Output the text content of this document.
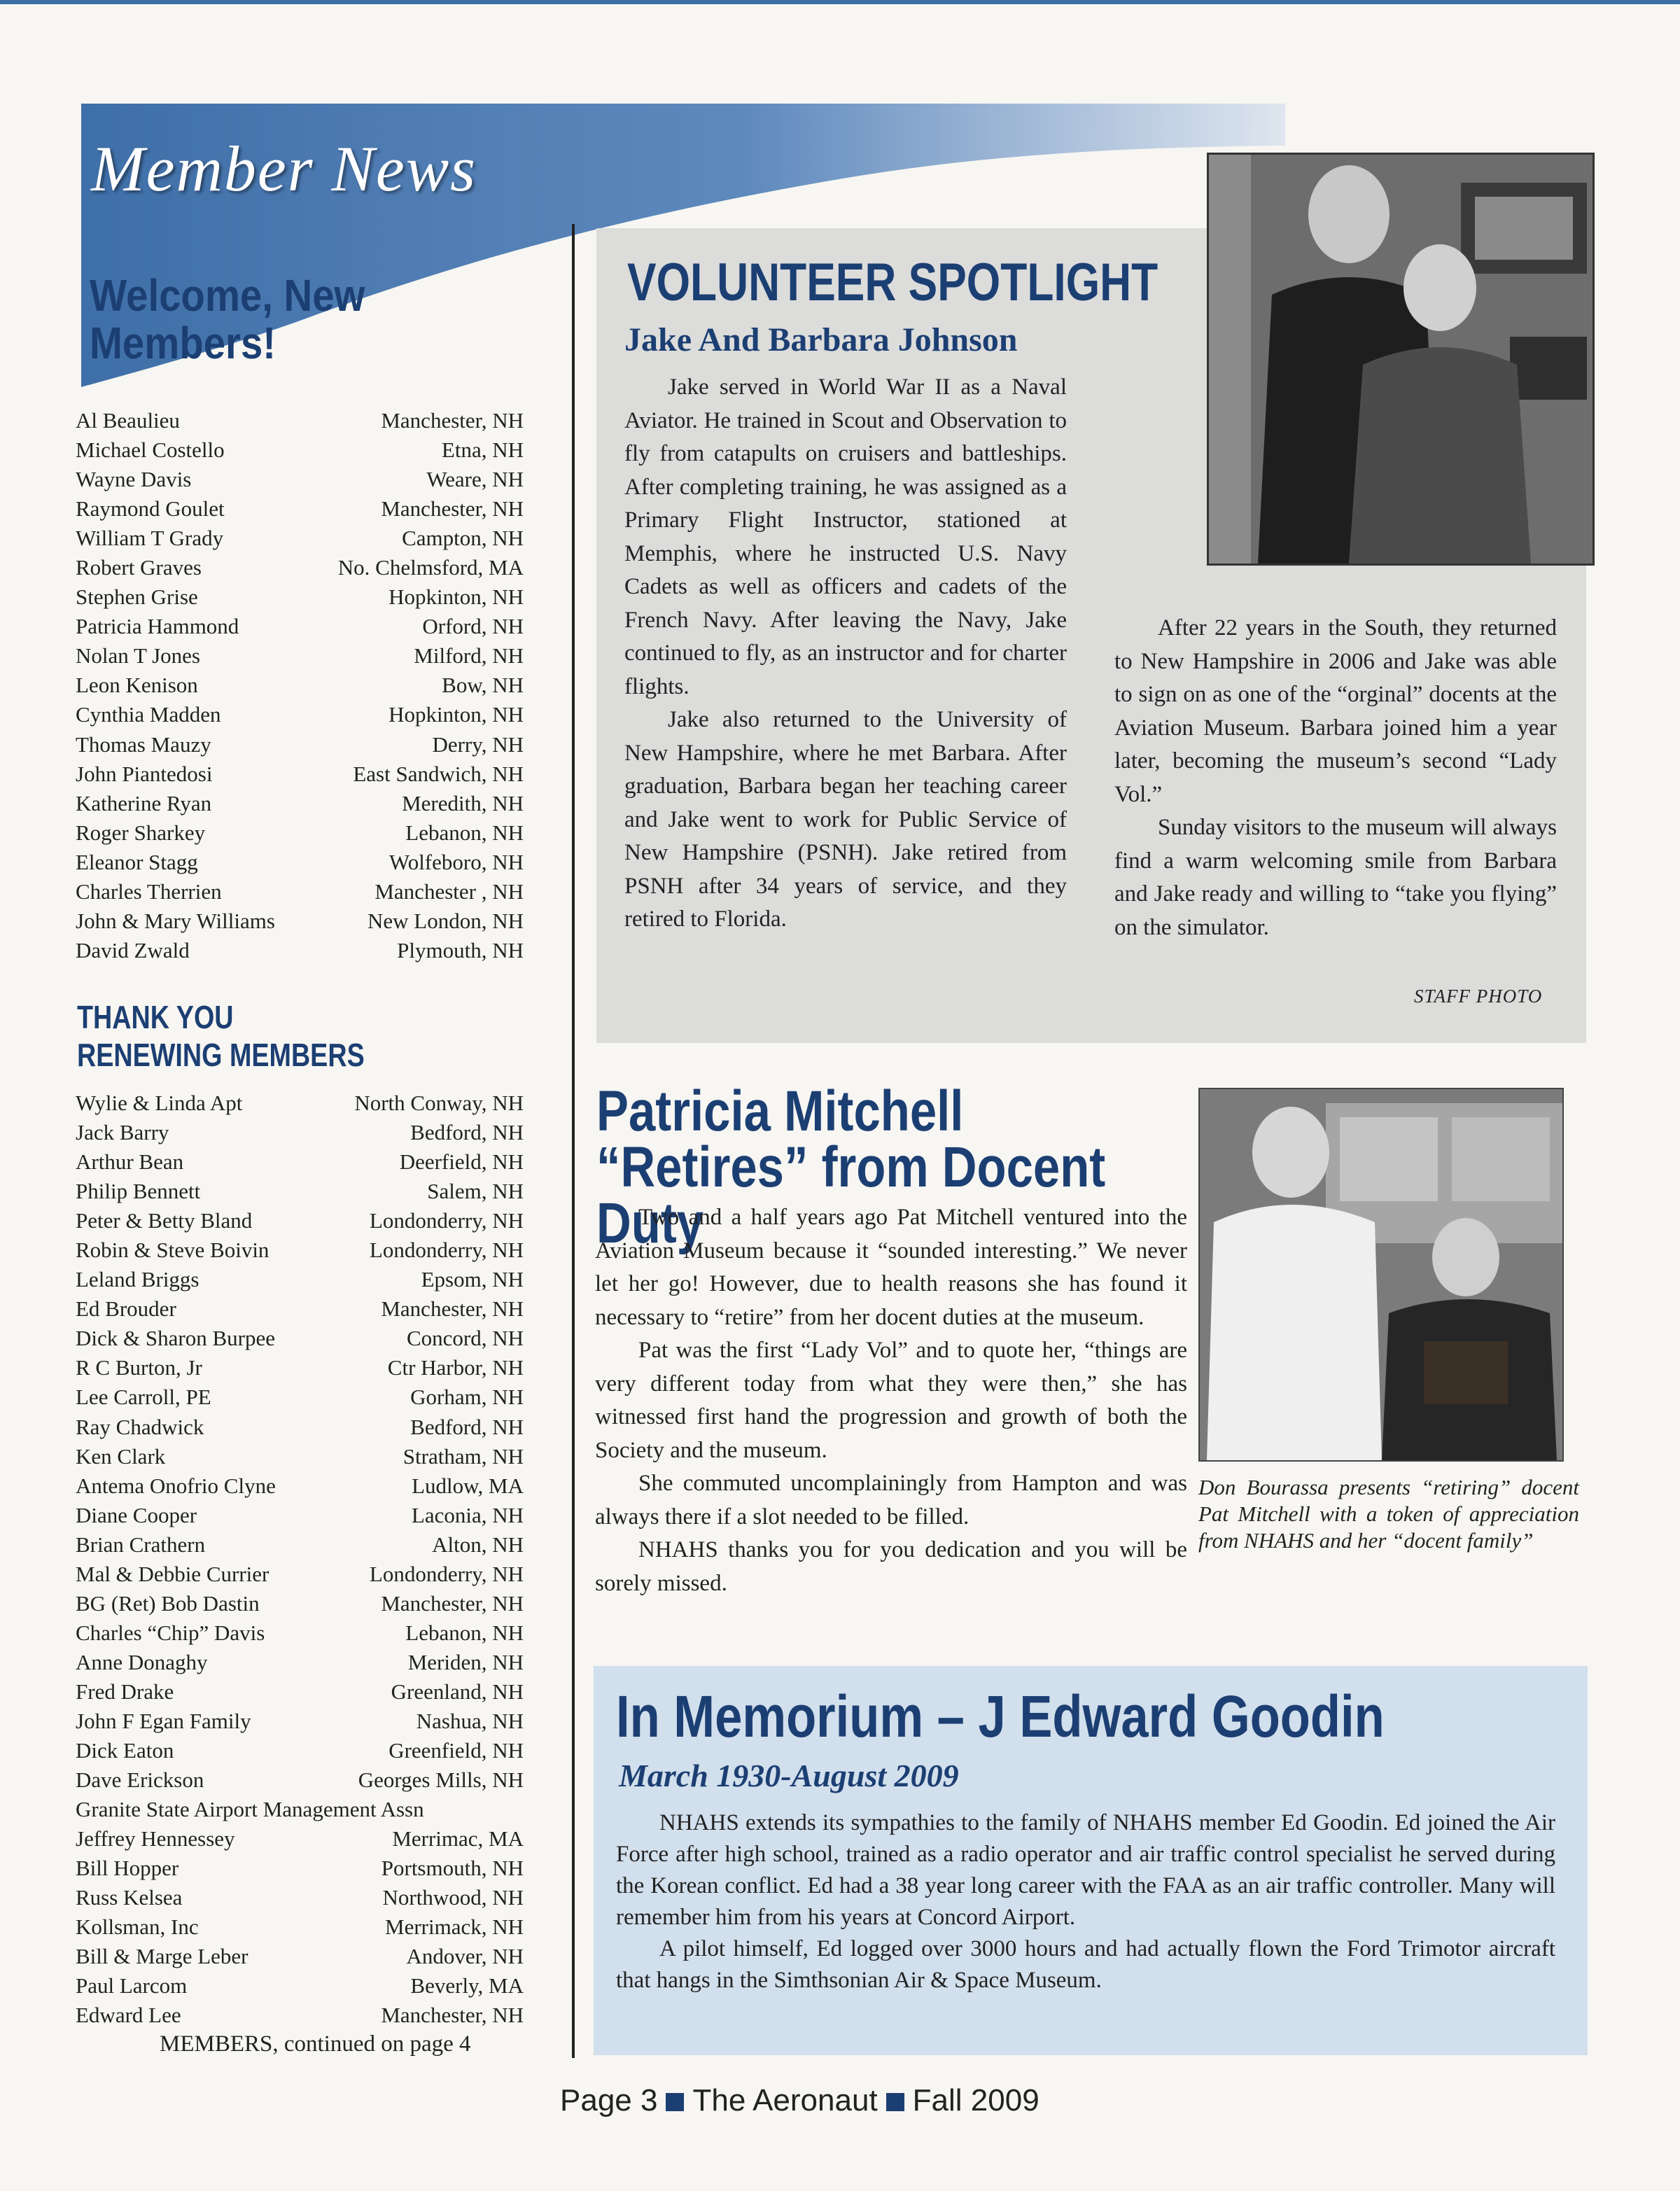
Member News
Welcome, New Members!
Al Beaulieu	Manchester, NH
Michael Costello	Etna, NH
Wayne Davis	Weare, NH
Raymond Goulet	Manchester, NH
William T Grady	Campton, NH
Robert Graves	No. Chelmsford, MA
Stephen Grise	Hopkinton, NH
Patricia Hammond	Orford, NH
Nolan T Jones	Milford, NH
Leon Kenison	Bow, NH
Cynthia Madden	Hopkinton, NH
Thomas Mauzy	Derry, NH
John Piantedosi	East Sandwich, NH
Katherine Ryan	Meredith, NH
Roger Sharkey	Lebanon, NH
Eleanor Stagg	Wolfeboro, NH
Charles Therrien	Manchester , NH
John & Mary Williams	New London, NH
David Zwald	Plymouth, NH
THANK YOU
RENEWING MEMBERS
Wylie & Linda Apt	North Conway, NH
Jack Barry	Bedford, NH
Arthur Bean	Deerfield, NH
Philip Bennett	Salem, NH
Peter & Betty Bland	Londonderry, NH
Robin & Steve Boivin	Londonderry, NH
Leland Briggs	Epsom, NH
Ed Brouder	Manchester, NH
Dick & Sharon Burpee	Concord, NH
R C Burton, Jr	Ctr Harbor, NH
Lee Carroll, PE	Gorham, NH
Ray Chadwick	Bedford, NH
Ken Clark	Stratham, NH
Antema Onofrio Clyne	Ludlow, MA
Diane Cooper	Laconia, NH
Brian Crathern	Alton, NH
Mal & Debbie Currier	Londonderry, NH
BG (Ret) Bob Dastin	Manchester, NH
Charles “Chip” Davis	Lebanon, NH
Anne Donaghy	Meriden, NH
Fred Drake	Greenland, NH
John F Egan Family	Nashua, NH
Dick Eaton	Greenfield, NH
Dave Erickson	Georges Mills, NH
Granite State Airport Management Assn
Jeffrey Hennessey	Merrimac, MA
Bill Hopper	Portsmouth, NH
Russ Kelsea	Northwood, NH
Kollsman, Inc	Merrimack, NH
Bill & Marge Leber	Andover, NH
Paul Larcom	Beverly, MA
Edward Lee	Manchester, NH
MEMBERS, continued on page 4
VOLUNTEER SPOTLIGHT
Jake And Barbara Johnson

Jake served in World War II as a Naval Aviator. He trained in Scout and Observation to fly from catapults on cruisers and battleships. After completing training, he was assigned as a Primary Flight Instructor, stationed at Memphis, where he instructed U.S. Navy Cadets as well as officers and cadets of the French Navy. After leaving the Navy, Jake continued to fly, as an instructor and for charter flights.

Jake also returned to the University of New Hampshire, where he met Barbara. After graduation, Barbara began her teaching career and Jake went to work for Public Service of New Hampshire (PSNH). Jake retired from PSNH after 34 years of service, and they retired to Florida.

After 22 years in the South, they returned to New Hampshire in 2006 and Jake was able to sign on as one of the “orginal” docents at the Aviation Museum. Barbara joined him a year later, becoming the museum’s second “Lady Vol.”

Sunday visitors to the museum will always find a warm welcoming smile from Barbara and Jake ready and willing to “take you flying” on the simulator.

STAFF PHOTO
Patricia Mitchell “Retires” from Docent Duty

Two and a half years ago Pat Mitchell ventured into the Aviation Museum because it “sounded interesting.” We never let her go! However, due to health reasons she has found it necessary to “retire” from her docent duties at the museum.

Pat was the first “Lady Vol” and to quote her, “things are very different today from what they were then,” she has witnessed first hand the progression and growth of both the Society and the museum.

She commuted uncomplainingly from Hampton and was always there if a slot needed to be filled.

NHAHS thanks you for you dedication and you will be sorely missed.

Don Bourassa presents “retiring” docent Pat Mitchell with a token of appreciation from NHAHS and her “docent family”
In Memorium – J Edward Goodin
March 1930-August 2009

NHAHS extends its sympathies to the family of NHAHS member Ed Goodin. Ed joined the Air Force after high school, trained as a radio operator and air traffic control specialist he served during the Korean conflict. Ed had a 38 year long career with the FAA as an air traffic controller. Many will remember him from his years at Concord Airport.

A pilot himself, Ed logged over 3000 hours and had actually flown the Ford Trimotor aircraft that hangs in the Simthsonian Air & Space Museum.

Page 3 The Aeronaut Fall 2009
